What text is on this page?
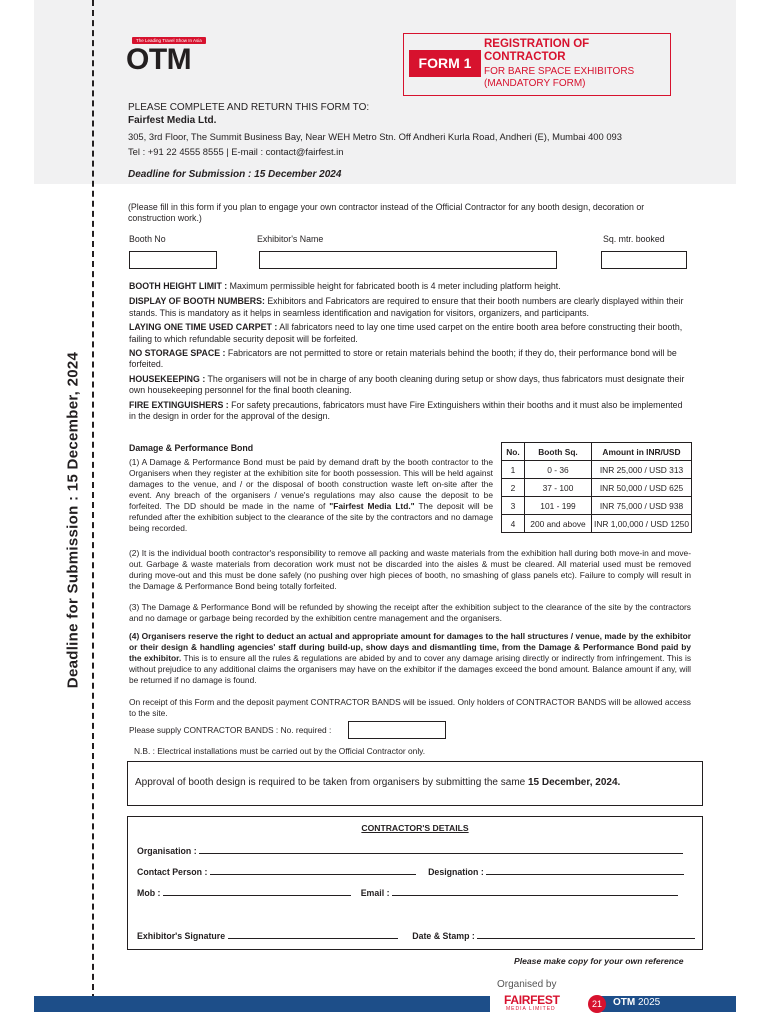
Deadline for Submission : 15 December, 2024
The Leading Travel Show In Asia
OTM	FORM 1
REGISTRATION OF
CONTRACTOR
FOR BARE SPACE EXHIBITORS
(MANDATORY FORM)
PLEASE COMPLETE AND RETURN THIS FORM TO:
Fairfest Media Ltd.
305, 3rd Floor, The Summit Business Bay, Near WEH Metro Stn. Off Andheri Kurla Road, Andheri (E), Mumbai 400 093
Tel : +91 22 4555 8555 | E-mail : contact@fairfest.in
Deadline for Submission : 15 December 2024
(Please fill in this form if you plan to engage your own contractor instead of the Official Contractor for any booth design, decoration or construction work.)
Booth No	Exhibitor's Name	Sq. mtr. booked
BOOTH HEIGHT LIMIT : Maximum permissible height for fabricated booth is 4 meter including platform height.
DISPLAY OF BOOTH NUMBERS: Exhibitors and Fabricators are required to ensure that their booth numbers are clearly displayed within their stands. This is mandatory as it helps in seamless identification and navigation for visitors, organizers, and participants.
LAYING ONE TIME USED CARPET : All fabricators need to lay one time used carpet on the entire booth area before constructing their booth, failing to which refundable security deposit will be forfeited.
NO STORAGE SPACE : Fabricators are not permitted to store or retain materials behind the booth; if they do, their performance bond will be forfeited.
HOUSEKEEPING : The organisers will not be in charge of any booth cleaning during setup or show days, thus fabricators must designate their own housekeeping personnel for the final booth cleaning.
FIRE EXTINGUISHERS : For safety precautions, fabricators must have Fire Extinguishers within their booths and it must also be implemented in the design in order for the approval of the design.
Damage & Performance Bond
(1) A Damage & Performance Bond must be paid by demand draft by the booth contractor to the Organisers when they register at the exhibition site for booth possession. This will be held against damages to the venue, and / or the disposal of booth construction waste left on-site after the event. Any breach of the organisers / venue's regulations may also cause the deposit to be forfeited. The DD should be made in the name of "Fairfest Media Ltd." The deposit will be refunded after the exhibition subject to the clearance of the site by the contractors and no damage being recorded.
No.	Booth Sq.	Amount in INR/USD
1	0 - 36	INR 25,000 / USD 313
2	37 - 100	INR 50,000 / USD 625
3	101 - 199	INR 75,000 / USD 938
4	200 and above	INR 1,00,000 / USD 1250
(2) It is the individual booth contractor's responsibility to remove all packing and waste materials from the exhibition hall during both move-in and move-out. Garbage & waste materials from decoration work must not be discarded into the aisles & must be cleared. All material used must be removed during move-out and this must be done safely (no pushing over high pieces of booth, no smashing of glass panels etc). Failure to comply will result in the Damage & Performance Bond being totally forfeited.
(3) The Damage & Performance Bond will be refunded by showing the receipt after the exhibition subject to the clearance of the site by the contractors and no damage or garbage being recorded by the exhibition centre management and the organisers.
(4) Organisers reserve the right to deduct an actual and appropriate amount for damages to the hall structures / venue, made by the exhibitor or their design & handling agencies' staff during build-up, show days and dismantling time, from the Damage & Performance Bond paid by the exhibitor. This is to ensure all the rules & regulations are abided by and to cover any damage arising directly or indirectly from infringement. This is without prejudice to any additional claims the organisers may have on the exhibitor if the damages exceed the bond amount. Balance amount if any, will be returned if no damage is found.
On receipt of this Form and the deposit payment CONTRACTOR BANDS will be issued. Only holders of CONTRACTOR BANDS will be allowed access to the site.
Please supply CONTRACTOR BANDS : No. required :
N.B. : Electrical installations must be carried out by the Official Contractor only.
Approval of booth design is required to be taken from organisers by submitting the same 15 December, 2024.
CONTRACTOR'S DETAILS
Organisation :
Contact Person :	Designation :
Mob :	Email :
Exhibitor's Signature	Date & Stamp :
Please make copy for your own reference
Organised by
FAIRFEST
MEDIA LIMITED	21	OTM 2025
